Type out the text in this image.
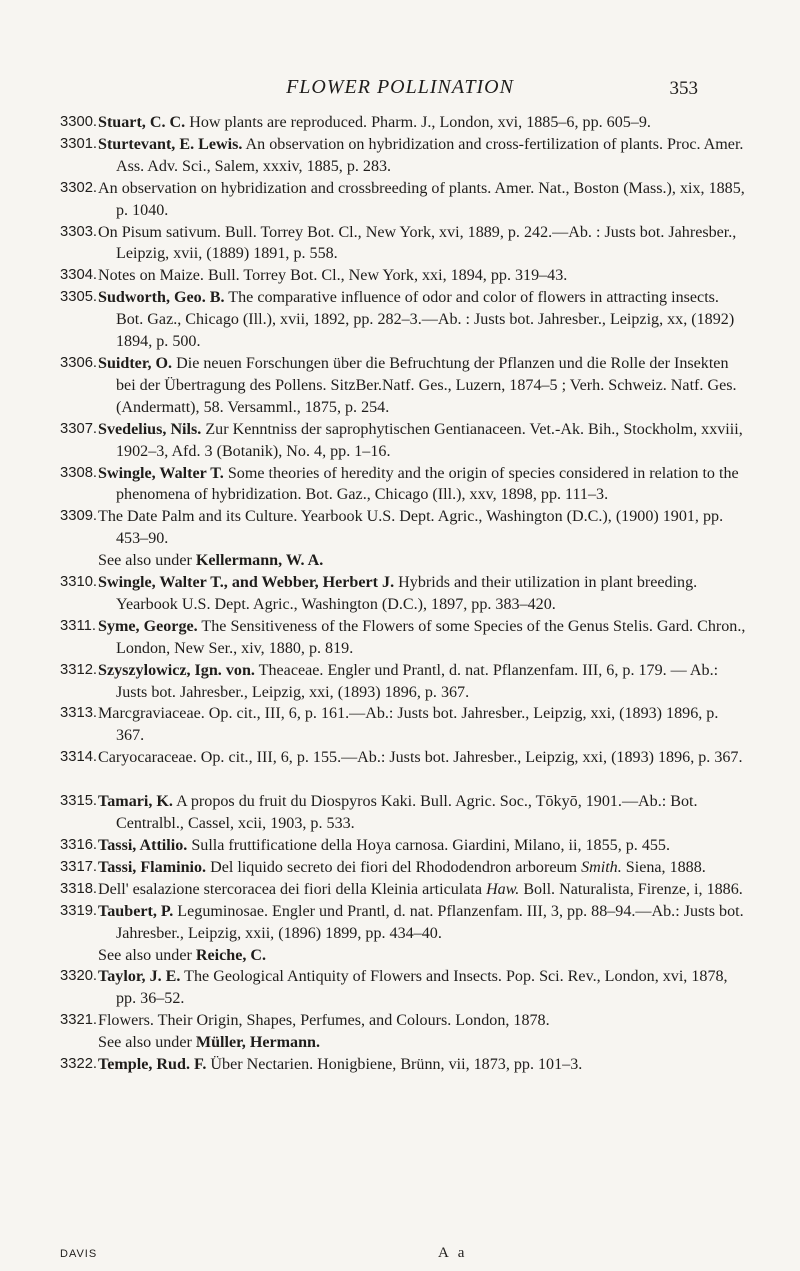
FLOWER POLLINATION	353
3300. Stuart, C. C. How plants are reproduced. Pharm. J., London, xvi, 1885–6, pp. 605–9.
3301. Sturtevant, E. Lewis. An observation on hybridization and cross-fertilization of plants. Proc. Amer. Ass. Adv. Sci., Salem, xxxiv, 1885, p. 283.
3302. An observation on hybridization and crossbreeding of plants. Amer. Nat., Boston (Mass.), xix, 1885, p. 1040.
3303. On Pisum sativum. Bull. Torrey Bot. Cl., New York, xvi, 1889, p. 242.—Ab. : Justs bot. Jahresber., Leipzig, xvii, (1889) 1891, p. 558.
3304. Notes on Maize. Bull. Torrey Bot. Cl., New York, xxi, 1894, pp. 319–43.
3305. Sudworth, Geo. B. The comparative influence of odor and color of flowers in attracting insects. Bot. Gaz., Chicago (Ill.), xvii, 1892, pp. 282–3.—Ab. : Justs bot. Jahresber., Leipzig, xx, (1892) 1894, p. 500.
3306. Suidter, O. Die neuen Forschungen über die Befruchtung der Pflanzen und die Rolle der Insekten bei der Übertragung des Pollens. SitzBer.Natf. Ges., Luzern, 1874–5 ; Verh. Schweiz. Natf. Ges. (Andermatt), 58. Versamml., 1875, p. 254.
3307. Svedelius, Nils. Zur Kenntniss der saprophytischen Gentianaceen. Vet.-Ak. Bih., Stockholm, xxviii, 1902–3, Afd. 3 (Botanik), No. 4, pp. 1–16.
3308. Swingle, Walter T. Some theories of heredity and the origin of species considered in relation to the phenomena of hybridization. Bot. Gaz., Chicago (Ill.), xxv, 1898, pp. 111–3.
3309. The Date Palm and its Culture. Yearbook U.S. Dept. Agric., Washington (D.C.), (1900) 1901, pp. 453–90.
See also under Kellermann, W. A.
3310. Swingle, Walter T., and Webber, Herbert J. Hybrids and their utilization in plant breeding. Yearbook U.S. Dept. Agric., Washington (D.C.), 1897, pp. 383–420.
3311. Syme, George. The Sensitiveness of the Flowers of some Species of the Genus Stelis. Gard. Chron., London, New Ser., xiv, 1880, p. 819.
3312. Szyszylowicz, Ign. von. Theaceae. Engler und Prantl, d. nat. Pflanzenfam. III, 6, p. 179. — Ab.: Justs bot. Jahresber., Leipzig, xxi, (1893) 1896, p. 367.
3313. Marcgraviaceae. Op. cit., III, 6, p. 161.—Ab.: Justs bot. Jahresber., Leipzig, xxi, (1893) 1896, p. 367.
3314. Caryocaraceae. Op. cit., III, 6, p. 155.—Ab.: Justs bot. Jahresber., Leipzig, xxi, (1893) 1896, p. 367.
3315. Tamari, K. A propos du fruit du Diospyros Kaki. Bull. Agric. Soc., Tōkyō, 1901.—Ab.: Bot. Centralbl., Cassel, xcii, 1903, p. 533.
3316. Tassi, Attilio. Sulla fruttificatione della Hoya carnosa. Giardini, Milano, ii, 1855, p. 455.
3317. Tassi, Flaminio. Del liquido secreto dei fiori del Rhododendron arboreum Smith. Siena, 1888.
3318. Dell' esalazione stercoracea dei fiori della Kleinia articulata Haw. Boll. Naturalista, Firenze, i, 1886.
3319. Taubert, P. Leguminosae. Engler und Prantl, d. nat. Pflanzenfam. III, 3, pp. 88–94.—Ab.: Justs bot. Jahresber., Leipzig, xxii, (1896) 1899, pp. 434–40.
See also under Reiche, C.
3320. Taylor, J. E. The Geological Antiquity of Flowers and Insects. Pop. Sci. Rev., London, xvi, 1878, pp. 36–52.
3321. Flowers. Their Origin, Shapes, Perfumes, and Colours. London, 1878.
See also under Müller, Hermann.
3322. Temple, Rud. F. Über Nectarien. Honigbiene, Brünn, vii, 1873, pp. 101–3.
DAVIS	A a
